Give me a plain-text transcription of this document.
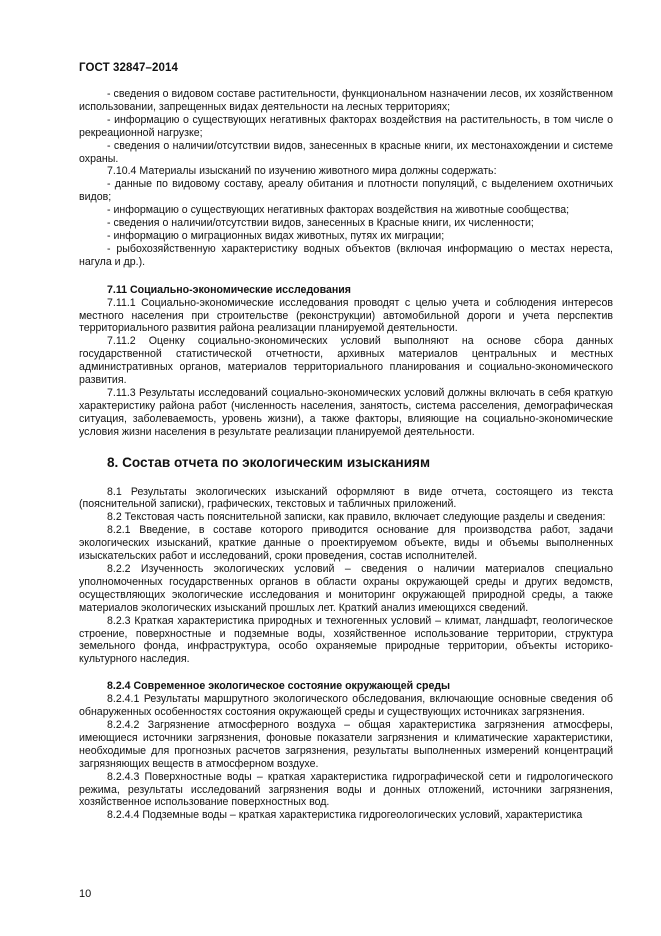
ГОСТ 32847–2014

- сведения о видовом составе растительности, функциональном назначении лесов, их хозяйственном использовании, запрещенных видах деятельности на лесных территориях;

- информацию о существующих негативных факторах воздействия на растительность, в том числе о рекреационной нагрузке;

- сведения о наличии/отсутствии видов, занесенных в красные книги, их местонахождении и системе охраны.

7.10.4 Материалы изысканий по изучению животного мира должны содержать:

- данные по видовому составу, ареалу обитания и плотности популяций, с выделением охотничьих видов;

- информацию о существующих негативных факторах воздействия на животные сообщества;

- сведения о наличии/отсутствии видов, занесенных в Красные книги, их численности;

- информацию о миграционных видах животных, путях их миграции;

- рыбохозяйственную характеристику водных объектов (включая информацию о местах нереста, нагула и др.).

7.11 Социально-экономические исследования

7.11.1 Социально-экономические исследования проводят с целью учета и соблюдения интересов местного населения при строительстве (реконструкции) автомобильной дороги и учета перспектив территориального развития района реализации планируемой деятельности.

7.11.2 Оценку социально-экономических условий выполняют на основе сбора данных государственной статистической отчетности, архивных материалов центральных и местных административных органов, материалов территориального планирования и социально-экономического развития.

7.11.3 Результаты исследований социально-экономических условий должны включать в себя краткую характеристику района работ (численность населения, занятость, система расселения, демографическая ситуация, заболеваемость, уровень жизни), а также факторы, влияющие на социально-экономические условия жизни населения в результате реализации планируемой деятельности.

8. Состав отчета по экологическим изысканиям

8.1 Результаты экологических изысканий оформляют в виде отчета, состоящего из текста (пояснительной записки), графических, текстовых и табличных приложений.

8.2 Текстовая часть пояснительной записки, как правило, включает следующие разделы и сведения:

8.2.1 Введение, в составе которого приводится основание для производства работ, задачи экологических изысканий, краткие данные о проектируемом объекте, виды и объемы выполненных изыскательских работ и исследований, сроки проведения, состав исполнителей.

8.2.2 Изученность экологических условий – сведения о наличии материалов специально уполномоченных государственных органов в области охраны окружающей среды и других ведомств, осуществляющих экологические исследования и мониторинг окружающей природной среды, а также материалов экологических изысканий прошлых лет. Краткий анализ имеющихся сведений.

8.2.3 Краткая характеристика природных и техногенных условий – климат, ландшафт, геологическое строение, поверхностные и подземные воды, хозяйственное использование территории, структура земельного фонда, инфраструктура, особо охраняемые природные территории, объекты историко-культурного наследия.

8.2.4 Современное экологическое состояние окружающей среды

8.2.4.1 Результаты маршрутного экологического обследования, включающие основные сведения об обнаруженных особенностях состояния окружающей среды и существующих источниках загрязнения.

8.2.4.2 Загрязнение атмосферного воздуха – общая характеристика загрязнения атмосферы, имеющиеся источники загрязнения, фоновые показатели загрязнения и климатические характеристики, необходимые для прогнозных расчетов загрязнения, результаты выполненных измерений концентраций загрязняющих веществ в атмосферном воздухе.

8.2.4.3 Поверхностные воды – краткая характеристика гидрографической сети и гидрологического режима, результаты исследований загрязнения воды и донных отложений, источники загрязнения, хозяйственное использование поверхностных вод.

8.2.4.4 Подземные воды – краткая характеристика гидрогеологических условий, характеристика

10
